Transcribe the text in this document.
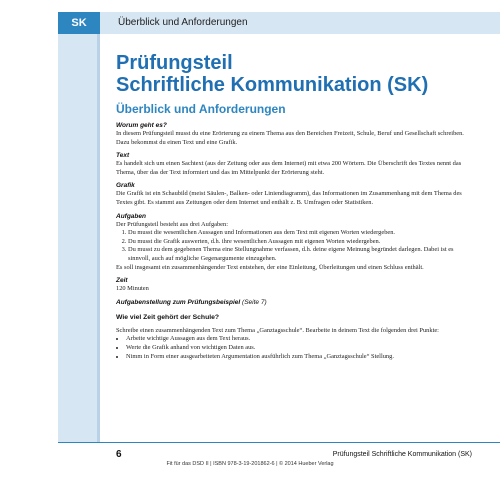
SK	Überblick und Anforderungen
Prüfungsteil
Schriftliche Kommunikation (SK)
Überblick und Anforderungen
Worum geht es?

In diesem Prüfungsteil musst du eine Erörterung zu einem Thema aus den Bereichen Freizeit, Schule, Beruf und Gesellschaft schreiben. Dazu bekommst du einen Text und eine Grafik.

Text

Es handelt sich um einen Sachtext (aus der Zeitung oder aus dem Internet) mit etwa 200 Wörtern. Die Überschrift des Textes nennt das Thema, über das der Text informiert und das im Mittelpunkt der Erörterung steht.

Grafik

Die Grafik ist ein Schaubild (meist Säulen-, Balken- oder Liniendiagramm), das Informationen im Zusammenhang mit dem Thema des Textes gibt. Es stammt aus Zeitungen oder dem Internet und enthält z. B. Umfragen oder Statistiken.

Aufgaben

Der Prüfungsteil besteht aus drei Aufgaben:

1. Du musst die wesentlichen Aussagen und Informationen aus dem Text mit eigenen Worten wiedergeben.
2. Du musst die Grafik auswerten, d.h. ihre wesentlichen Aussagen mit eigenen Worten wiedergeben.
3. Du musst zu dem gegebenen Thema eine Stellungnahme verfassen, d.h. deine eigene Meinung begründet darlegen. Dabei ist es sinnvoll, auch auf mögliche Gegenargumente einzugehen.

Es soll insgesamt ein zusammenhängender Text entstehen, der eine Einleitung, Überleitungen und einen Schluss enthält.

Zeit

120 Minuten

Aufgabenstellung zum Prüfungsbeispiel (Seite 7)
Wie viel Zeit gehört der Schule?

Schreibe einen zusammenhängenden Text zum Thema „Ganztagsschule“. Bearbeite in deinem Text die folgenden drei Punkte:

• Arbeite wichtige Aussagen aus dem Text heraus.
• Werte die Grafik anhand von wichtigen Daten aus.
• Nimm in Form einer ausgearbeiteten Argumentation ausführlich zum Thema „Ganztagsschule“ Stellung.
6	Prüfungsteil Schriftliche Kommunikation (SK)
Fit für das DSD II | ISBN 978-3-19-201862-6 | © 2014 Hueber Verlag
